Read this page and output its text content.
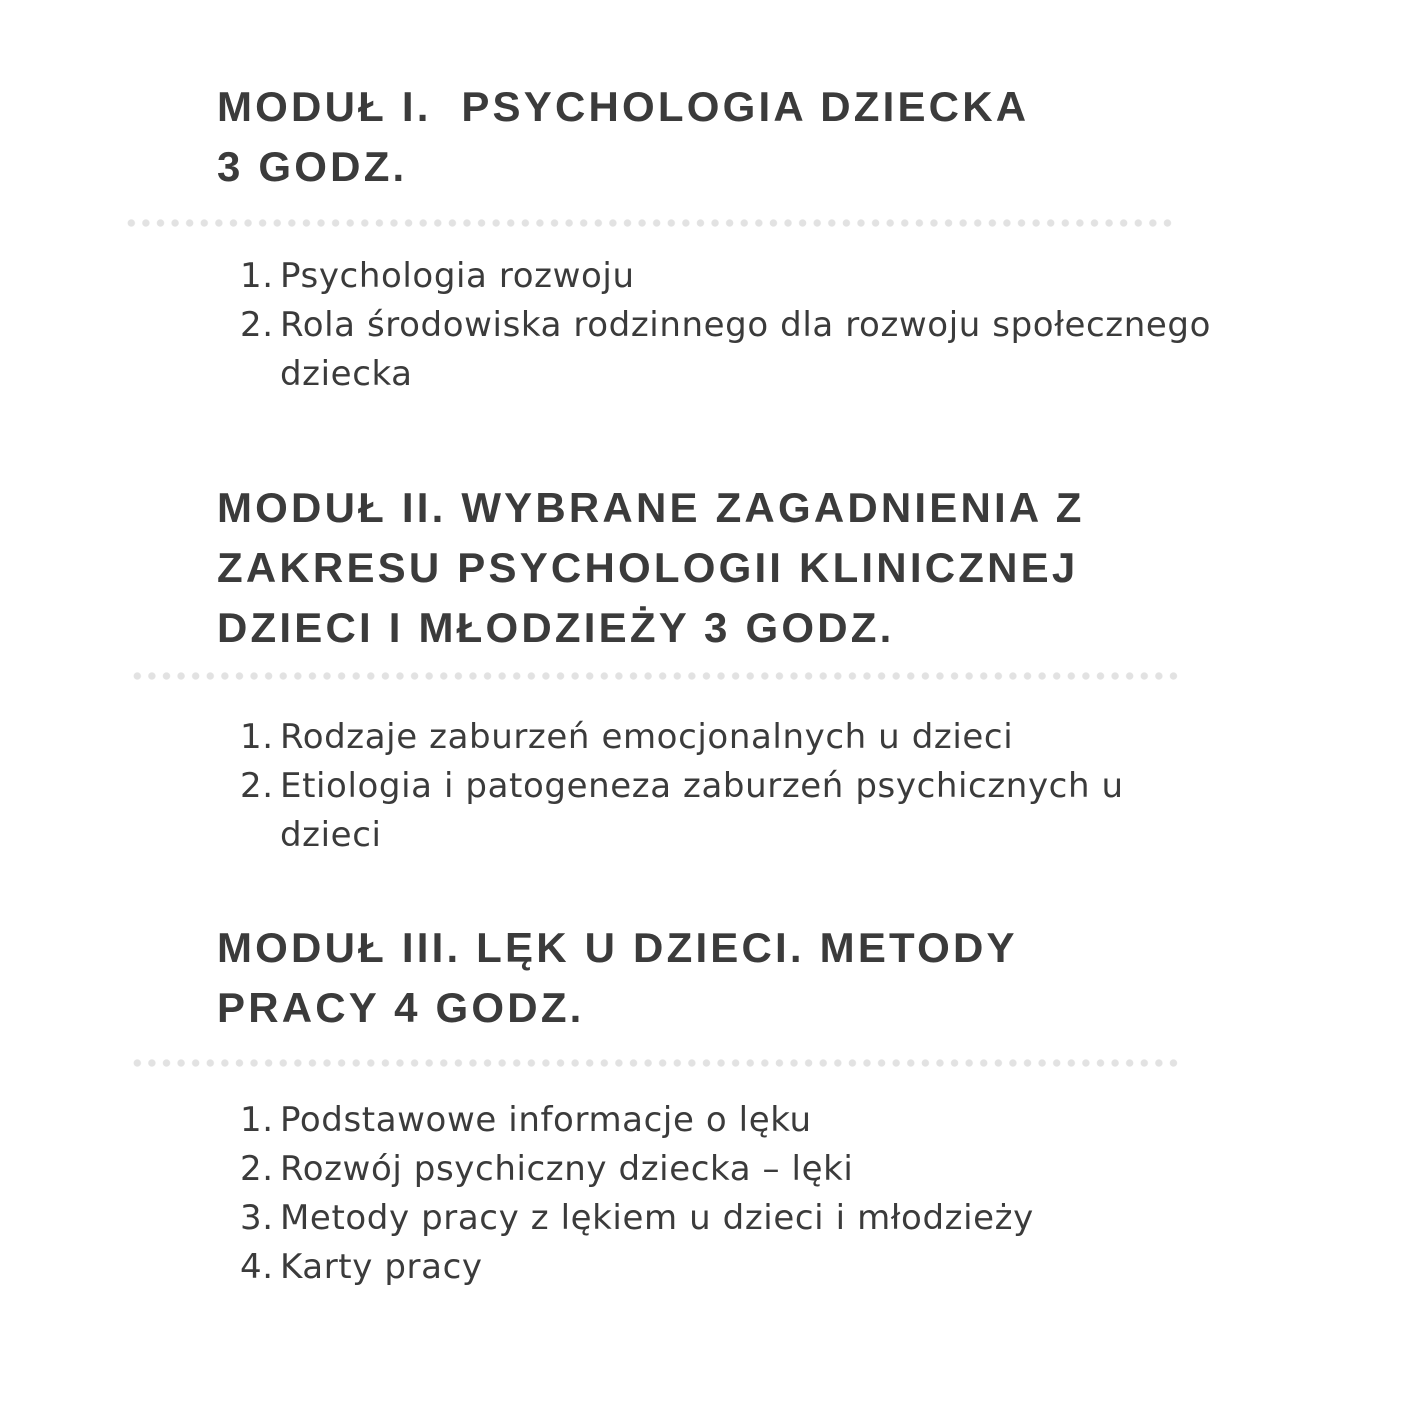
MODUŁ I.  PSYCHOLOGIA DZIECKA
3 GODZ.
1. Psychologia rozwoju
2. Rola środowiska rodzinnego dla rozwoju społecznego dziecka
MODUŁ II. WYBRANE ZAGADNIENIA Z
ZAKRESU PSYCHOLOGII KLINICZNEJ
DZIECI I MŁODZIEŻY 3 GODZ.
1. Rodzaje zaburzeń emocjonalnych u dzieci
2. Etiologia i patogeneza zaburzeń psychicznych u dzieci
MODUŁ III. LĘK U DZIECI. METODY
PRACY 4 GODZ.
1. Podstawowe informacje o lęku
2. Rozwój psychiczny dziecka – lęki
3. Metody pracy z lękiem u dzieci i młodzieży
4. Karty pracy
